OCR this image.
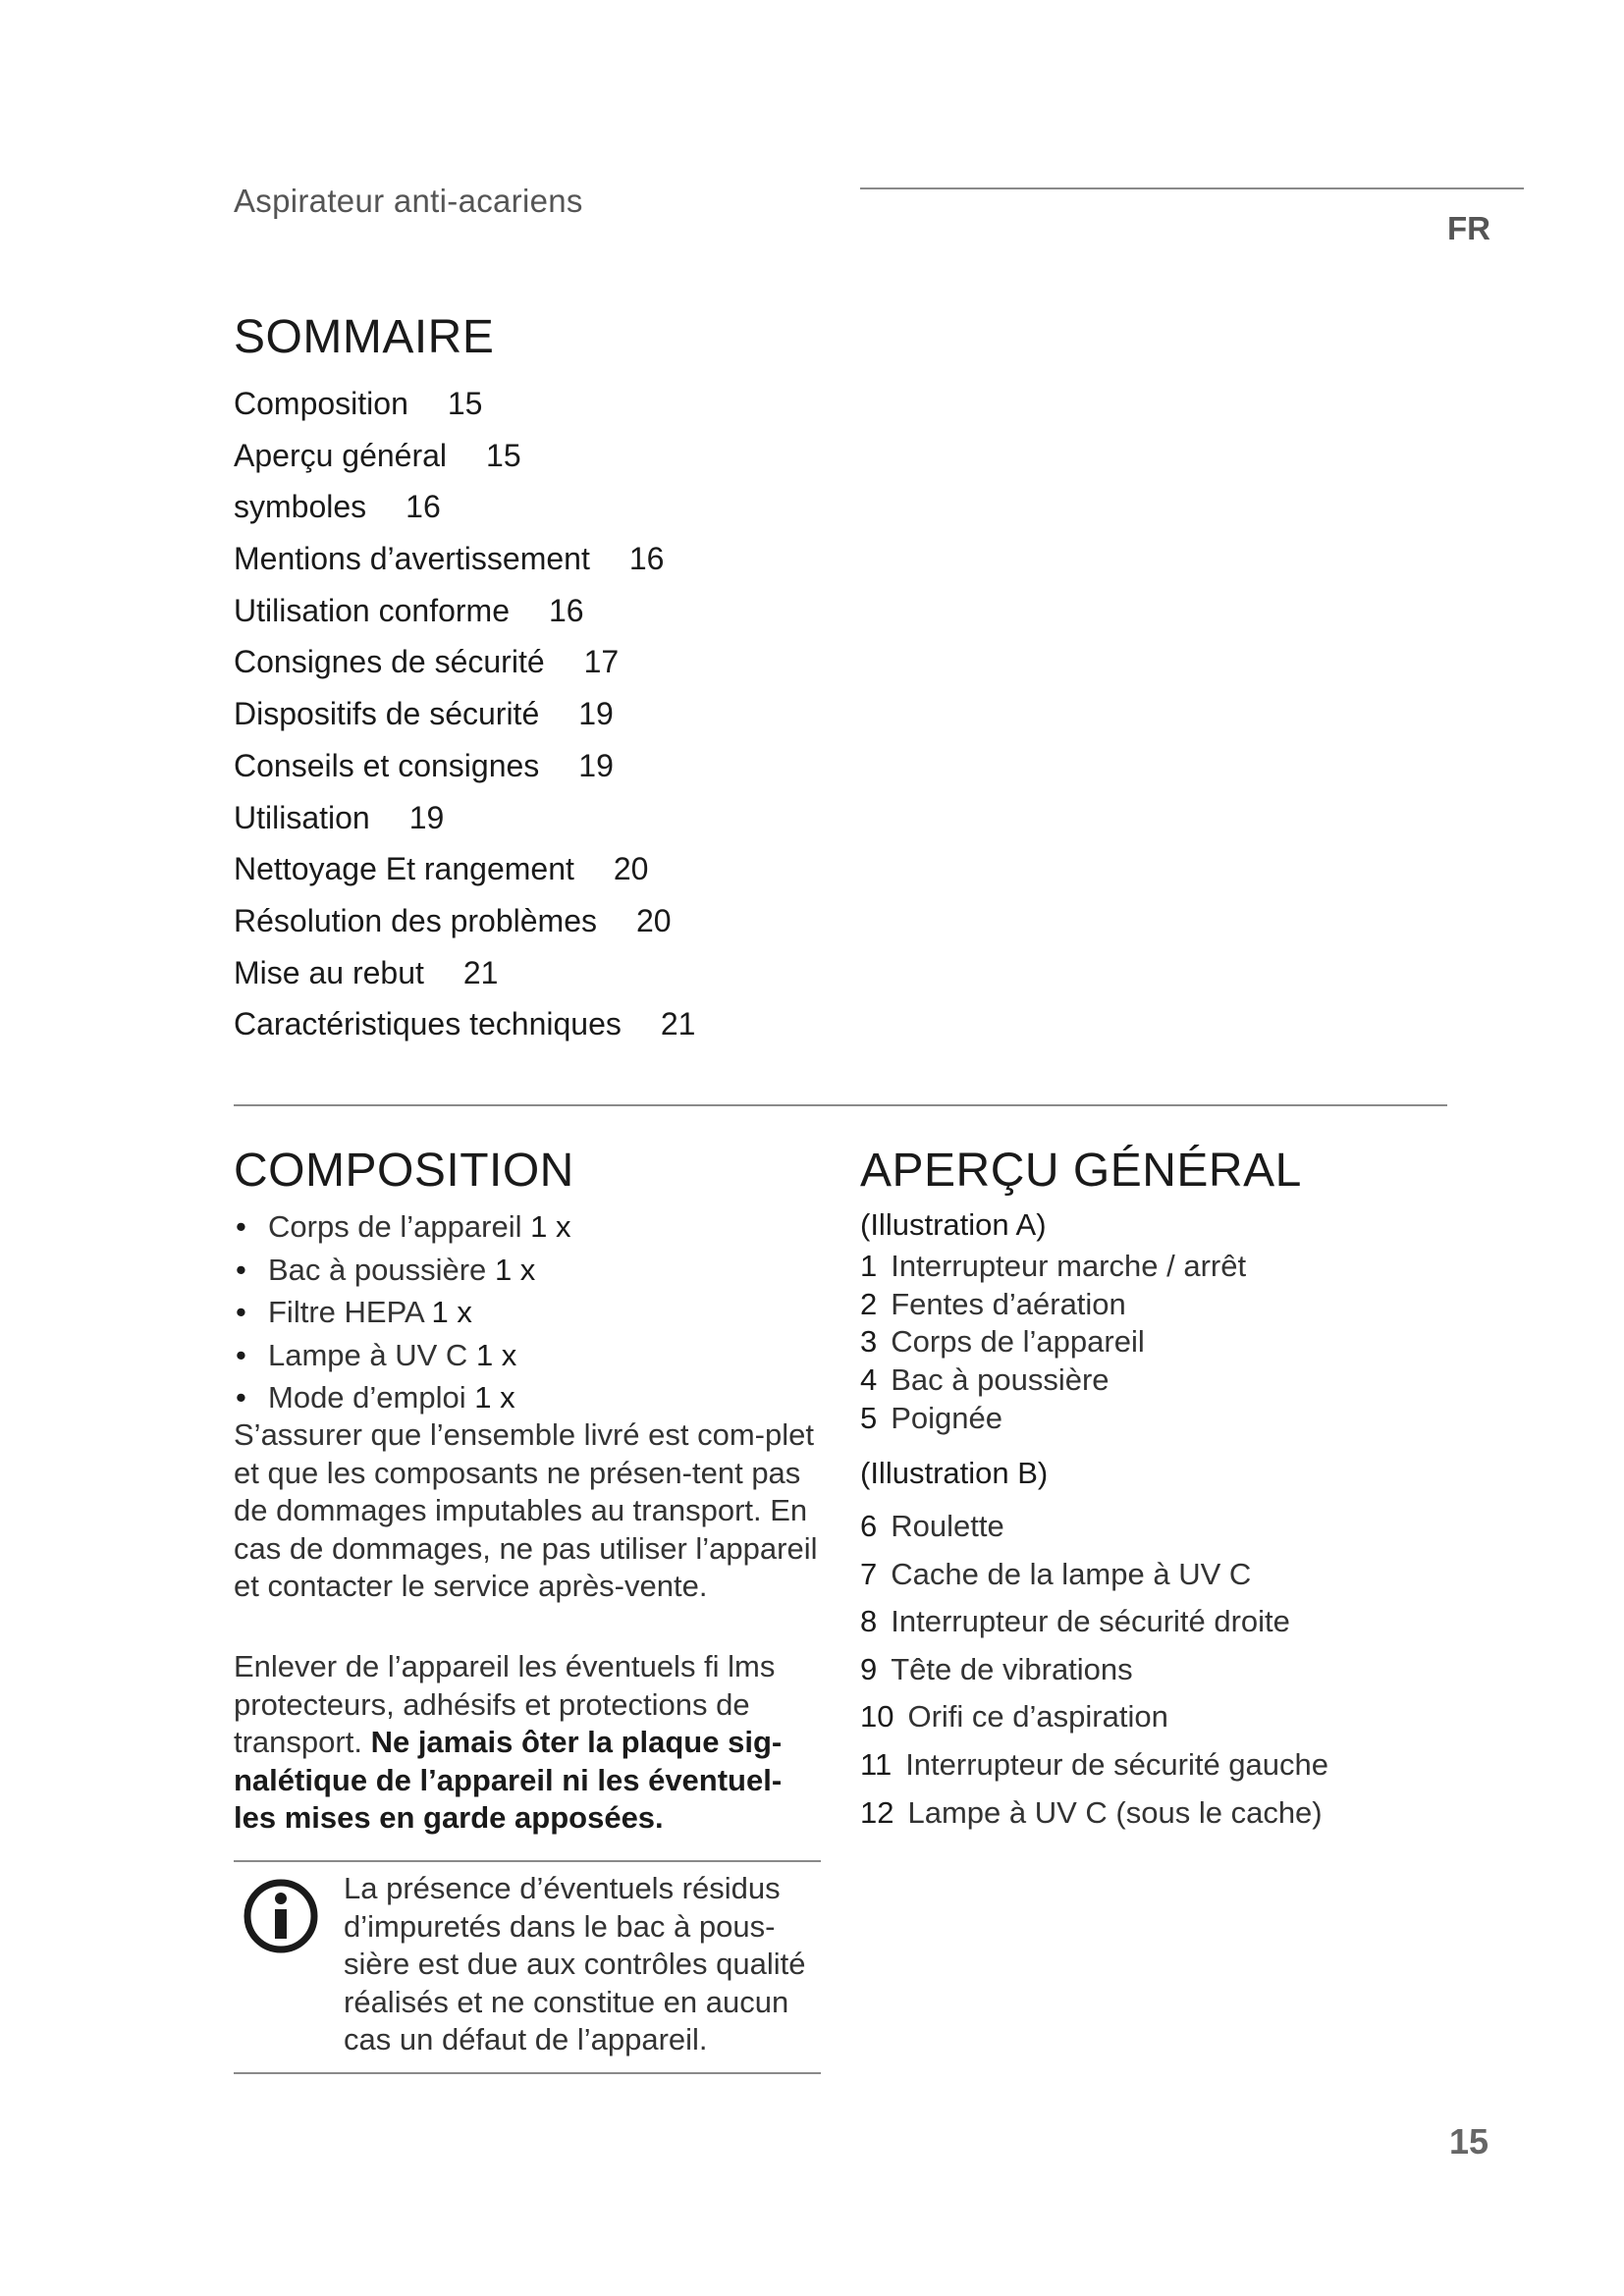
Aspirateur anti-acariens
FR
SOMMAIRE
Composition 15
Aperçu général 15
symboles 16
Mentions d’avertissement 16
Utilisation conforme 16
Consignes de sécurité 17
Dispositifs de sécurité 19
Conseils et consignes 19
Utilisation 19
Nettoyage Et rangement 20
Résolution des problèmes 20
Mise au rebut 21
Caractéristiques techniques 21
COMPOSITION
• Corps de l’appareil 1 x
• Bac à poussière 1 x
• Filtre HEPA 1 x
• Lampe à UV C 1 x
• Mode d’emploi 1 x

S’assurer que l’ensemble livré est com-plet et que les composants ne présen-tent pas de dommages imputables au transport. En cas de dommages, ne pas utiliser l’appareil et contacter le service après-vente.

Enlever de l’appareil les éventuels fi lms protecteurs, adhésifs et protections de transport. Ne jamais ôter la plaque sig-nalétique de l’appareil ni les éventuel-les mises en garde apposées.

La présence d’éventuels résidus d’impuretés dans le bac à pous-sière est due aux contrôles qualité réalisés et ne constitue en aucun cas un défaut de l’appareil.

APERÇU GÉNÉRAL
(Illustration A)
1 Interrupteur marche / arrêt
2 Fentes d’aération
3 Corps de l’appareil
4 Bac à poussière
5 Poignée
(Illustration B)
6 Roulette
7 Cache de la lampe à UV C
8 Interrupteur de sécurité droite
9 Tête de vibrations
10 Orifi ce d’aspiration
11 Interrupteur de sécurité gauche
12 Lampe à UV C (sous le cache)
15
